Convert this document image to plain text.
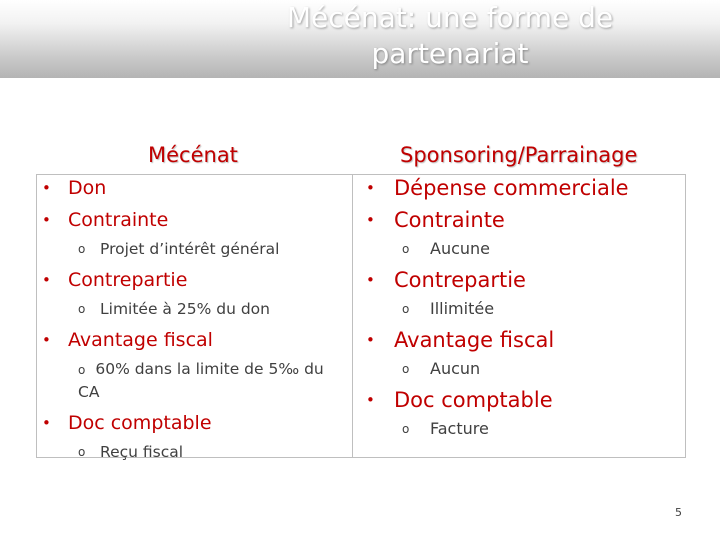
Mécénat: une forme de
partenariat
Mécénat	Sponsoring/Parrainage
• Don
• Contrainte
o Projet d’intérêt général
• Contrepartie
o Limitée à 25% du don
• Avantage fiscal
o 60% dans la limite de 5‰ du CA
• Doc comptable
o Reçu fiscal
• Dépense commerciale
• Contrainte
o Aucune
• Contrepartie
o Illimitée
• Avantage fiscal
o Aucun
• Doc comptable
o Facture
5
